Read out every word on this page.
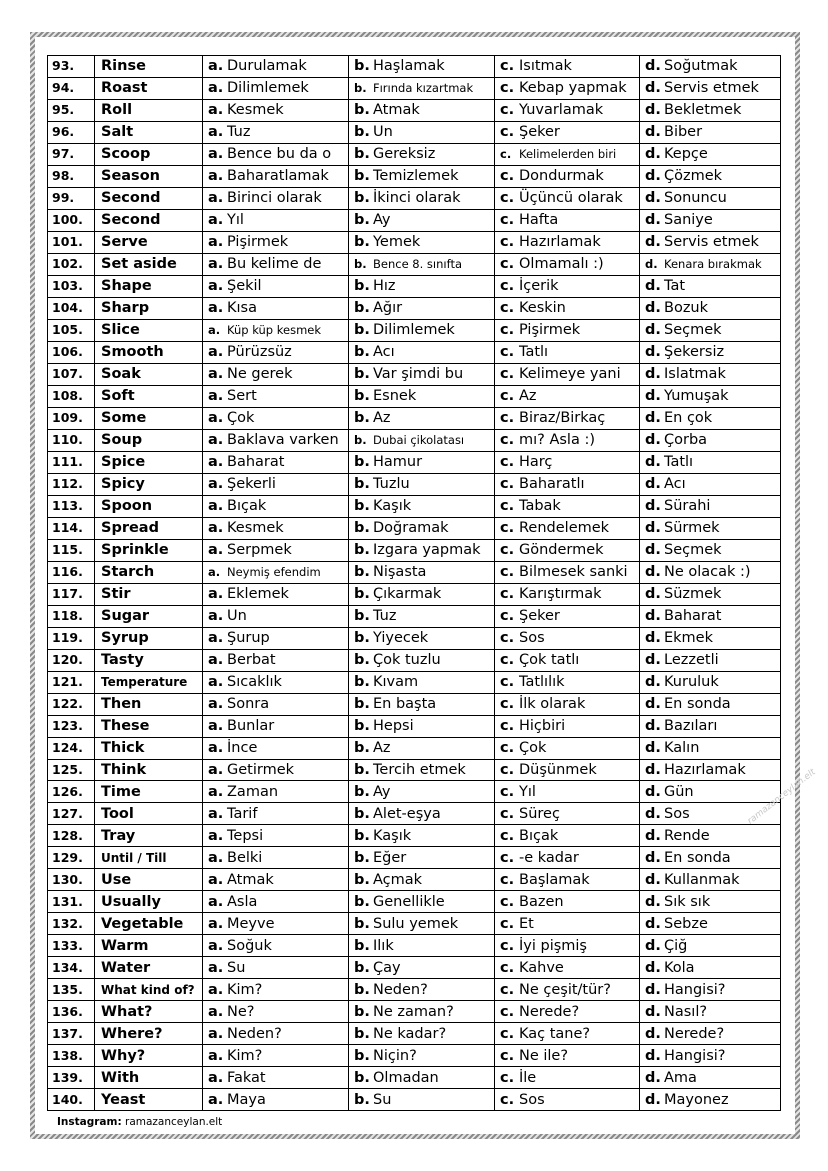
93.	Rinse	a. Durulamak	b. Haşlamak	c. Isıtmak	d. Soğutmak
94.	Roast	a. Dilimlemek	b. Fırında kızartmak	c. Kebap yapmak	d. Servis etmek
95.	Roll	a. Kesmek	b. Atmak	c. Yuvarlamak	d. Bekletmek
96.	Salt	a. Tuz	b. Un	c. Şeker	d. Biber
97.	Scoop	a. Bence bu da o	b. Gereksiz	c. Kelimelerden biri	d. Kepçe
98.	Season	a. Baharatlamak	b. Temizlemek	c. Dondurmak	d. Çözmek
99.	Second	a. Birinci olarak	b. İkinci olarak	c. Üçüncü olarak	d. Sonuncu
100.	Second	a. Yıl	b. Ay	c. Hafta	d. Saniye
101.	Serve	a. Pişirmek	b. Yemek	c. Hazırlamak	d. Servis etmek
102.	Set aside	a. Bu kelime de	b. Bence 8. sınıfta	c. Olmamalı :)	d. Kenara bırakmak
103.	Shape	a. Şekil	b. Hız	c. İçerik	d. Tat
104.	Sharp	a. Kısa	b. Ağır	c. Keskin	d. Bozuk
105.	Slice	a. Küp küp kesmek	b. Dilimlemek	c. Pişirmek	d. Seçmek
106.	Smooth	a. Pürüzsüz	b. Acı	c. Tatlı	d. Şekersiz
107.	Soak	a. Ne gerek	b. Var şimdi bu	c. Kelimeye yani	d. Islatmak
108.	Soft	a. Sert	b. Esnek	c. Az	d. Yumuşak
109.	Some	a. Çok	b. Az	c. Biraz/Birkaç	d. En çok
110.	Soup	a. Baklava varken	b. Dubai çikolatası	c. mı? Asla :)	d. Çorba
111.	Spice	a. Baharat	b. Hamur	c. Harç	d. Tatlı
112.	Spicy	a. Şekerli	b. Tuzlu	c. Baharatlı	d. Acı
113.	Spoon	a. Bıçak	b. Kaşık	c. Tabak	d. Sürahi
114.	Spread	a. Kesmek	b. Doğramak	c. Rendelemek	d. Sürmek
115.	Sprinkle	a. Serpmek	b. Izgara yapmak	c. Göndermek	d. Seçmek
116.	Starch	a. Neymiş efendim	b. Nişasta	c. Bilmesek sanki	d. Ne olacak :)
117.	Stir	a. Eklemek	b. Çıkarmak	c. Karıştırmak	d. Süzmek
118.	Sugar	a. Un	b. Tuz	c. Şeker	d. Baharat
119.	Syrup	a. Şurup	b. Yiyecek	c. Sos	d. Ekmek
120.	Tasty	a. Berbat	b. Çok tuzlu	c. Çok tatlı	d. Lezzetli
121.	Temperature	a. Sıcaklık	b. Kıvam	c. Tatlılık	d. Kuruluk
122.	Then	a. Sonra	b. En başta	c. İlk olarak	d. En sonda
123.	These	a. Bunlar	b. Hepsi	c. Hiçbiri	d. Bazıları
124.	Thick	a. İnce	b. Az	c. Çok	d. Kalın
125.	Think	a. Getirmek	b. Tercih etmek	c. Düşünmek	d. Hazırlamak
126.	Time	a. Zaman	b. Ay	c. Yıl	d. Gün
127.	Tool	a. Tarif	b. Alet-eşya	c. Süreç	d. Sos
128.	Tray	a. Tepsi	b. Kaşık	c. Bıçak	d. Rende
129.	Until / Till	a. Belki	b. Eğer	c. -e kadar	d. En sonda
130.	Use	a. Atmak	b. Açmak	c. Başlamak	d. Kullanmak
131.	Usually	a. Asla	b. Genellikle	c. Bazen	d. Sık sık
132.	Vegetable	a. Meyve	b. Sulu yemek	c. Et	d. Sebze
133.	Warm	a. Soğuk	b. Ilık	c. İyi pişmiş	d. Çiğ
134.	Water	a. Su	b. Çay	c. Kahve	d. Kola
135.	What kind of?	a. Kim?	b. Neden?	c. Ne çeşit/tür?	d. Hangisi?
136.	What?	a. Ne?	b. Ne zaman?	c. Nerede?	d. Nasıl?
137.	Where?	a. Neden?	b. Ne kadar?	c. Kaç tane?	d. Nerede?
138.	Why?	a. Kim?	b. Niçin?	c. Ne ile?	d. Hangisi?
139.	With	a. Fakat	b. Olmadan	c. İle	d. Ama
140.	Yeast	a. Maya	b. Su	c. Sos	d. Mayonez
Instagram: ramazanceylan.elt
ramazanceylan.elt
